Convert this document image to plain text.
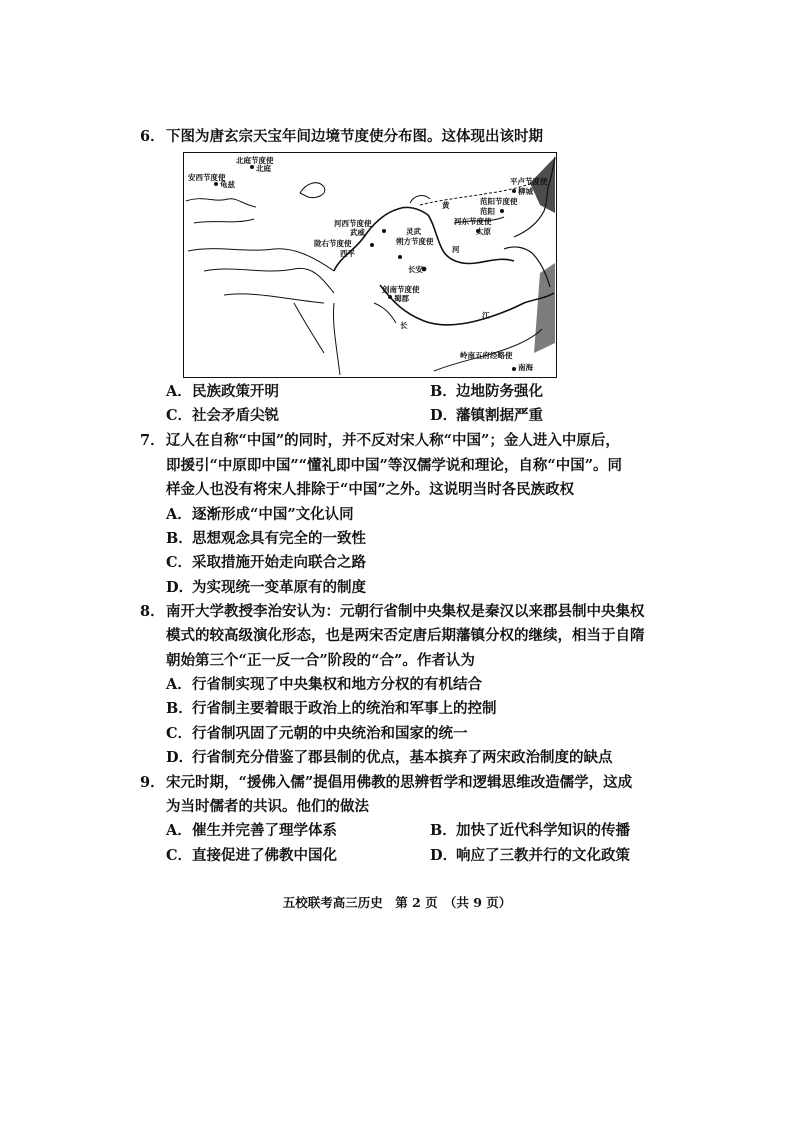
6．下图为唐玄宗天宝年间边境节度使分布图。这体现出该时期
北庭节度使
北庭
安西节度使
龟兹	平卢节度使
柳城
范阳节度使
范阳
黄
河东节度使
太原
河西节度使
武威
朔方节度使
灵武
陇右节度使
西平	河
长安
剑南节度使
蜀郡
长
江
岭南五府经略使
南海
A．民族政策开明	B．边地防务强化
C．社会矛盾尖锐	D．藩镇割据严重
7．辽人在自称“中国”的同时，并不反对宋人称“中国”；金人进入中原后，
即援引“中原即中国”“懂礼即中国”等汉儒学说和理论，自称“中国”。同
样金人也没有将宋人排除于“中国”之外。这说明当时各民族政权
A．逐渐形成“中国”文化认同
B．思想观念具有完全的一致性
C．采取措施开始走向联合之路
D．为实现统一变革原有的制度
8．南开大学教授李治安认为：元朝行省制中央集权是秦汉以来郡县制中央集权
模式的较高级演化形态，也是两宋否定唐后期藩镇分权的继续，相当于自隋
朝始第三个“正一反一合”阶段的“合”。作者认为
A．行省制实现了中央集权和地方分权的有机结合
B．行省制主要着眼于政治上的统治和军事上的控制
C．行省制巩固了元朝的中央统治和国家的统一
D．行省制充分借鉴了郡县制的优点，基本摈弃了两宋政治制度的缺点
9．宋元时期，“援佛入儒”提倡用佛教的思辨哲学和逻辑思维改造儒学，这成
为当时儒者的共识。他们的做法
A．催生并完善了理学体系	B．加快了近代科学知识的传播
C．直接促进了佛教中国化	D．响应了三教并行的文化政策
五校联考高三历史　第 2 页　（共 9 页）
